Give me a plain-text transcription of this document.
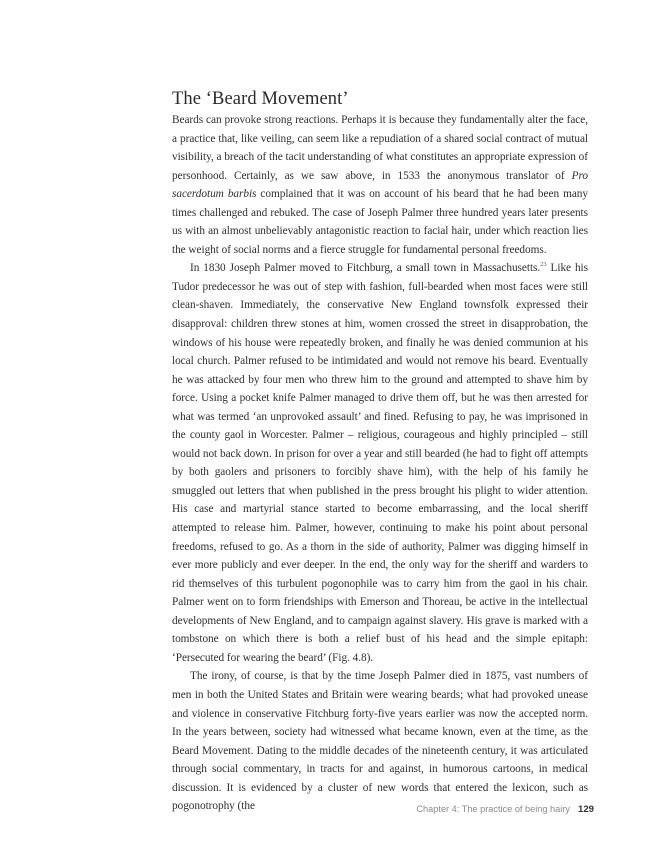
The ‘Beard Movement’

Beards can provoke strong reactions. Perhaps it is because they fundamentally alter the face, a practice that, like veiling, can seem like a repudiation of a shared social contract of mutual visibility, a breach of the tacit understanding of what constitutes an appropriate expression of personhood. Certainly, as we saw above, in 1533 the anonymous translator of Pro sacerdotum barbis complained that it was on account of his beard that he had been many times challenged and rebuked. The case of Joseph Palmer three hundred years later presents us with an almost unbelievably antagonistic reaction to facial hair, under which reaction lies the weight of social norms and a fierce struggle for fundamental personal freedoms.

In 1830 Joseph Palmer moved to Fitchburg, a small town in Massachusetts.$^{23}$ Like his Tudor predecessor he was out of step with fashion, full-bearded when most faces were still clean-shaven. Immediately, the conservative New England townsfolk expressed their disapproval: children threw stones at him, women crossed the street in disapprobation, the windows of his house were repeatedly broken, and finally he was denied communion at his local church. Palmer refused to be intimidated and would not remove his beard. Eventually he was attacked by four men who threw him to the ground and attempted to shave him by force. Using a pocket knife Palmer managed to drive them off, but he was then arrested for what was termed ‘an unprovoked assault’ and fined. Refusing to pay, he was imprisoned in the county gaol in Worcester. Palmer – religious, courageous and highly principled – still would not back down. In prison for over a year and still bearded (he had to fight off attempts by both gaolers and prisoners to forcibly shave him), with the help of his family he smuggled out letters that when published in the press brought his plight to wider attention. His case and martyrial stance started to become embarrassing, and the local sheriff attempted to release him. Palmer, however, continuing to make his point about personal freedoms, refused to go. As a thorn in the side of authority, Palmer was digging himself in ever more publicly and ever deeper. In the end, the only way for the sheriff and warders to rid themselves of this turbulent pogonophile was to carry him from the gaol in his chair. Palmer went on to form friendships with Emerson and Thoreau, be active in the intellectual developments of New England, and to campaign against slavery. His grave is marked with a tombstone on which there is both a relief bust of his head and the simple epitaph: ‘Persecuted for wearing the beard’ (Fig. 4.8).

The irony, of course, is that by the time Joseph Palmer died in 1875, vast numbers of men in both the United States and Britain were wearing beards; what had provoked unease and violence in conservative Fitchburg forty-five years earlier was now the accepted norm. In the years between, society had witnessed what became known, even at the time, as the Beard Movement. Dating to the middle decades of the nineteenth century, it was articulated through social commentary, in tracts for and against, in humorous cartoons, in medical discussion. It is evidenced by a cluster of new words that entered the lexicon, such as pogonotrophy (the	Chapter 4: The practice of being hairy 129
